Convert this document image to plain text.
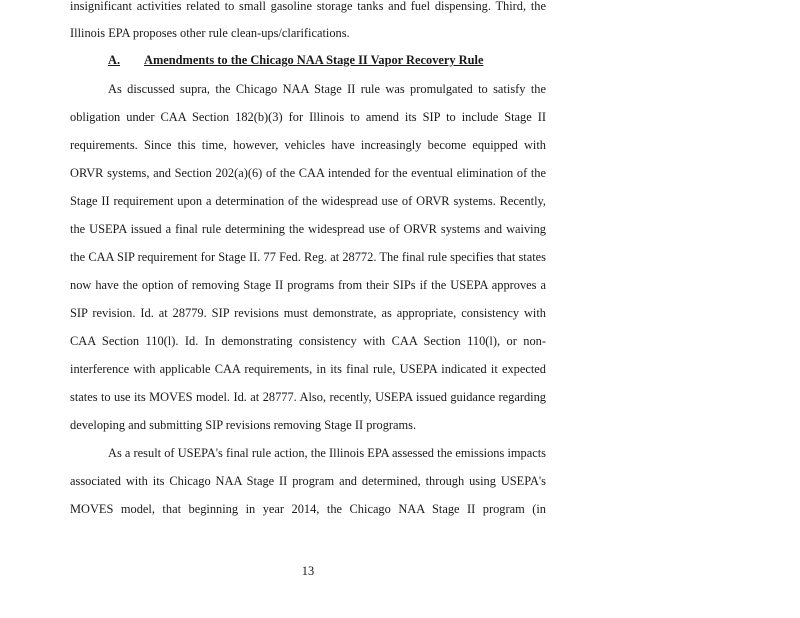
insignificant activities related to small gasoline storage tanks and fuel dispensing. Third, the
Illinois EPA proposes other rule clean-ups/clarifications.
A. Amendments to the Chicago NAA Stage II Vapor Recovery Rule
As discussed supra, the Chicago NAA Stage II rule was promulgated to satisfy the
obligation under CAA Section 182(b)(3) for Illinois to amend its SIP to include Stage II
requirements. Since this time, however, vehicles have increasingly become equipped with
ORVR systems, and Section 202(a)(6) of the CAA intended for the eventual elimination of the
Stage II requirement upon a determination of the widespread use of ORVR systems. Recently,
the USEPA issued a final rule determining the widespread use of ORVR systems and waiving
the CAA SIP requirement for Stage II. 77 Fed. Reg. at 28772. The final rule specifies that states
now have the option of removing Stage II programs from their SIPs if the USEPA approves a
SIP revision. Id. at 28779. SIP revisions must demonstrate, as appropriate, consistency with
CAA Section 110(l). Id. In demonstrating consistency with CAA Section 110(l), or non-
interference with applicable CAA requirements, in its final rule, USEPA indicated it expected
states to use its MOVES model. Id. at 28777. Also, recently, USEPA issued guidance regarding
developing and submitting SIP revisions removing Stage II programs.
As a result of USEPA's final rule action, the Illinois EPA assessed the emissions impacts
associated with its Chicago NAA Stage II program and determined, through using USEPA's
MOVES model, that beginning in year 2014, the Chicago NAA Stage II program (in
13
